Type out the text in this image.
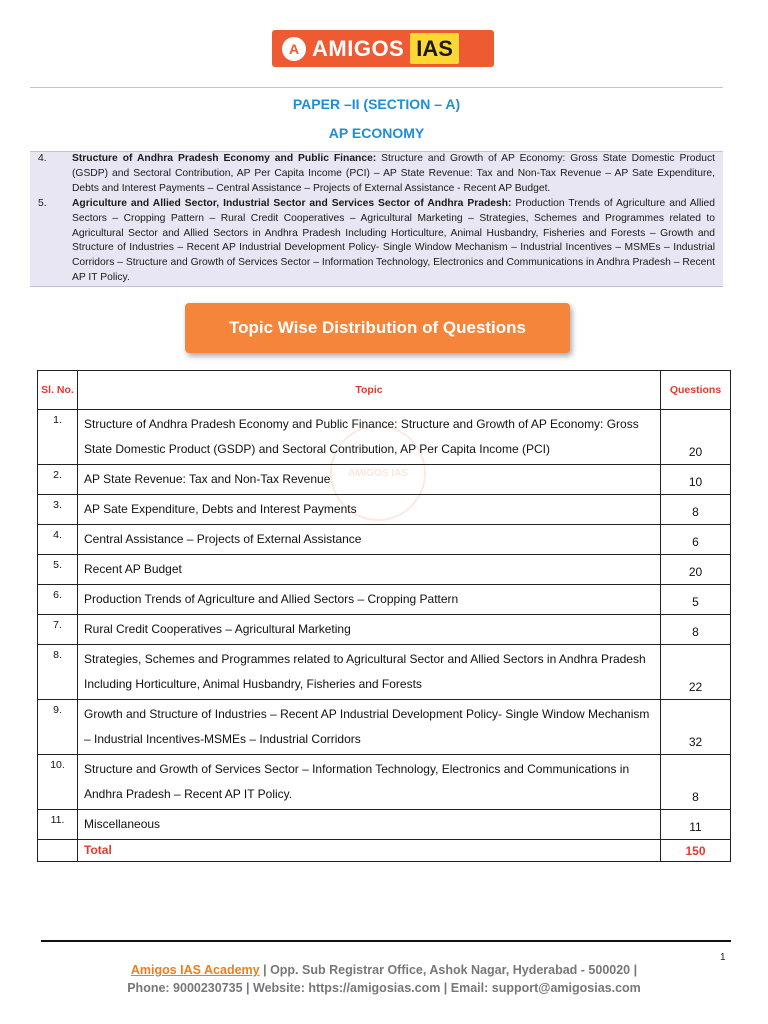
A AMIGOS IAS
PAPER –II (SECTION – A)
AP ECONOMY
4. Structure of Andhra Pradesh Economy and Public Finance: Structure and Growth of AP Economy: Gross State Domestic Product (GSDP) and Sectoral Contribution, AP Per Capita Income (PCI) – AP State Revenue: Tax and Non-Tax Revenue – AP Sate Expenditure, Debts and Interest Payments – Central Assistance – Projects of External Assistance - Recent AP Budget.
5. Agriculture and Allied Sector, Industrial Sector and Services Sector of Andhra Pradesh: Production Trends of Agriculture and Allied Sectors – Cropping Pattern – Rural Credit Cooperatives – Agricultural Marketing – Strategies, Schemes and Programmes related to Agricultural Sector and Allied Sectors in Andhra Pradesh Including Horticulture, Animal Husbandry, Fisheries and Forests – Growth and Structure of Industries – Recent AP Industrial Development Policy- Single Window Mechanism – Industrial Incentives – MSMEs – Industrial Corridors – Structure and Growth of Services Sector – Information Technology, Electronics and Communications in Andhra Pradesh – Recent AP IT Policy.
Topic Wise Distribution of Questions
AMIGOS IAS
Sl. No.	Topic	Questions
1.	Structure of Andhra Pradesh Economy and Public Finance: Structure and Growth of AP Economy: Gross State Domestic Product (GSDP) and Sectoral Contribution, AP Per Capita Income (PCI)	20
2.	AP State Revenue: Tax and Non-Tax Revenue	10
3.	AP Sate Expenditure, Debts and Interest Payments	8
4.	Central Assistance – Projects of External Assistance	6
5.	Recent AP Budget	20
6.	Production Trends of Agriculture and Allied Sectors – Cropping Pattern	5
7.	Rural Credit Cooperatives – Agricultural Marketing	8
8.	Strategies, Schemes and Programmes related to Agricultural Sector and Allied Sectors in Andhra Pradesh Including Horticulture, Animal Husbandry, Fisheries and Forests	22
9.	Growth and Structure of Industries – Recent AP Industrial Development Policy- Single Window Mechanism – Industrial Incentives-MSMEs – Industrial Corridors	32
10.	Structure and Growth of Services Sector – Information Technology, Electronics and Communications in Andhra Pradesh – Recent AP IT Policy.	8
11.	Miscellaneous	11
	Total	150
1
Amigos IAS Academy | Opp. Sub Registrar Office, Ashok Nagar, Hyderabad - 500020 |
Phone: 9000230735 | Website: https://amigosias.com | Email: support@amigosias.com
